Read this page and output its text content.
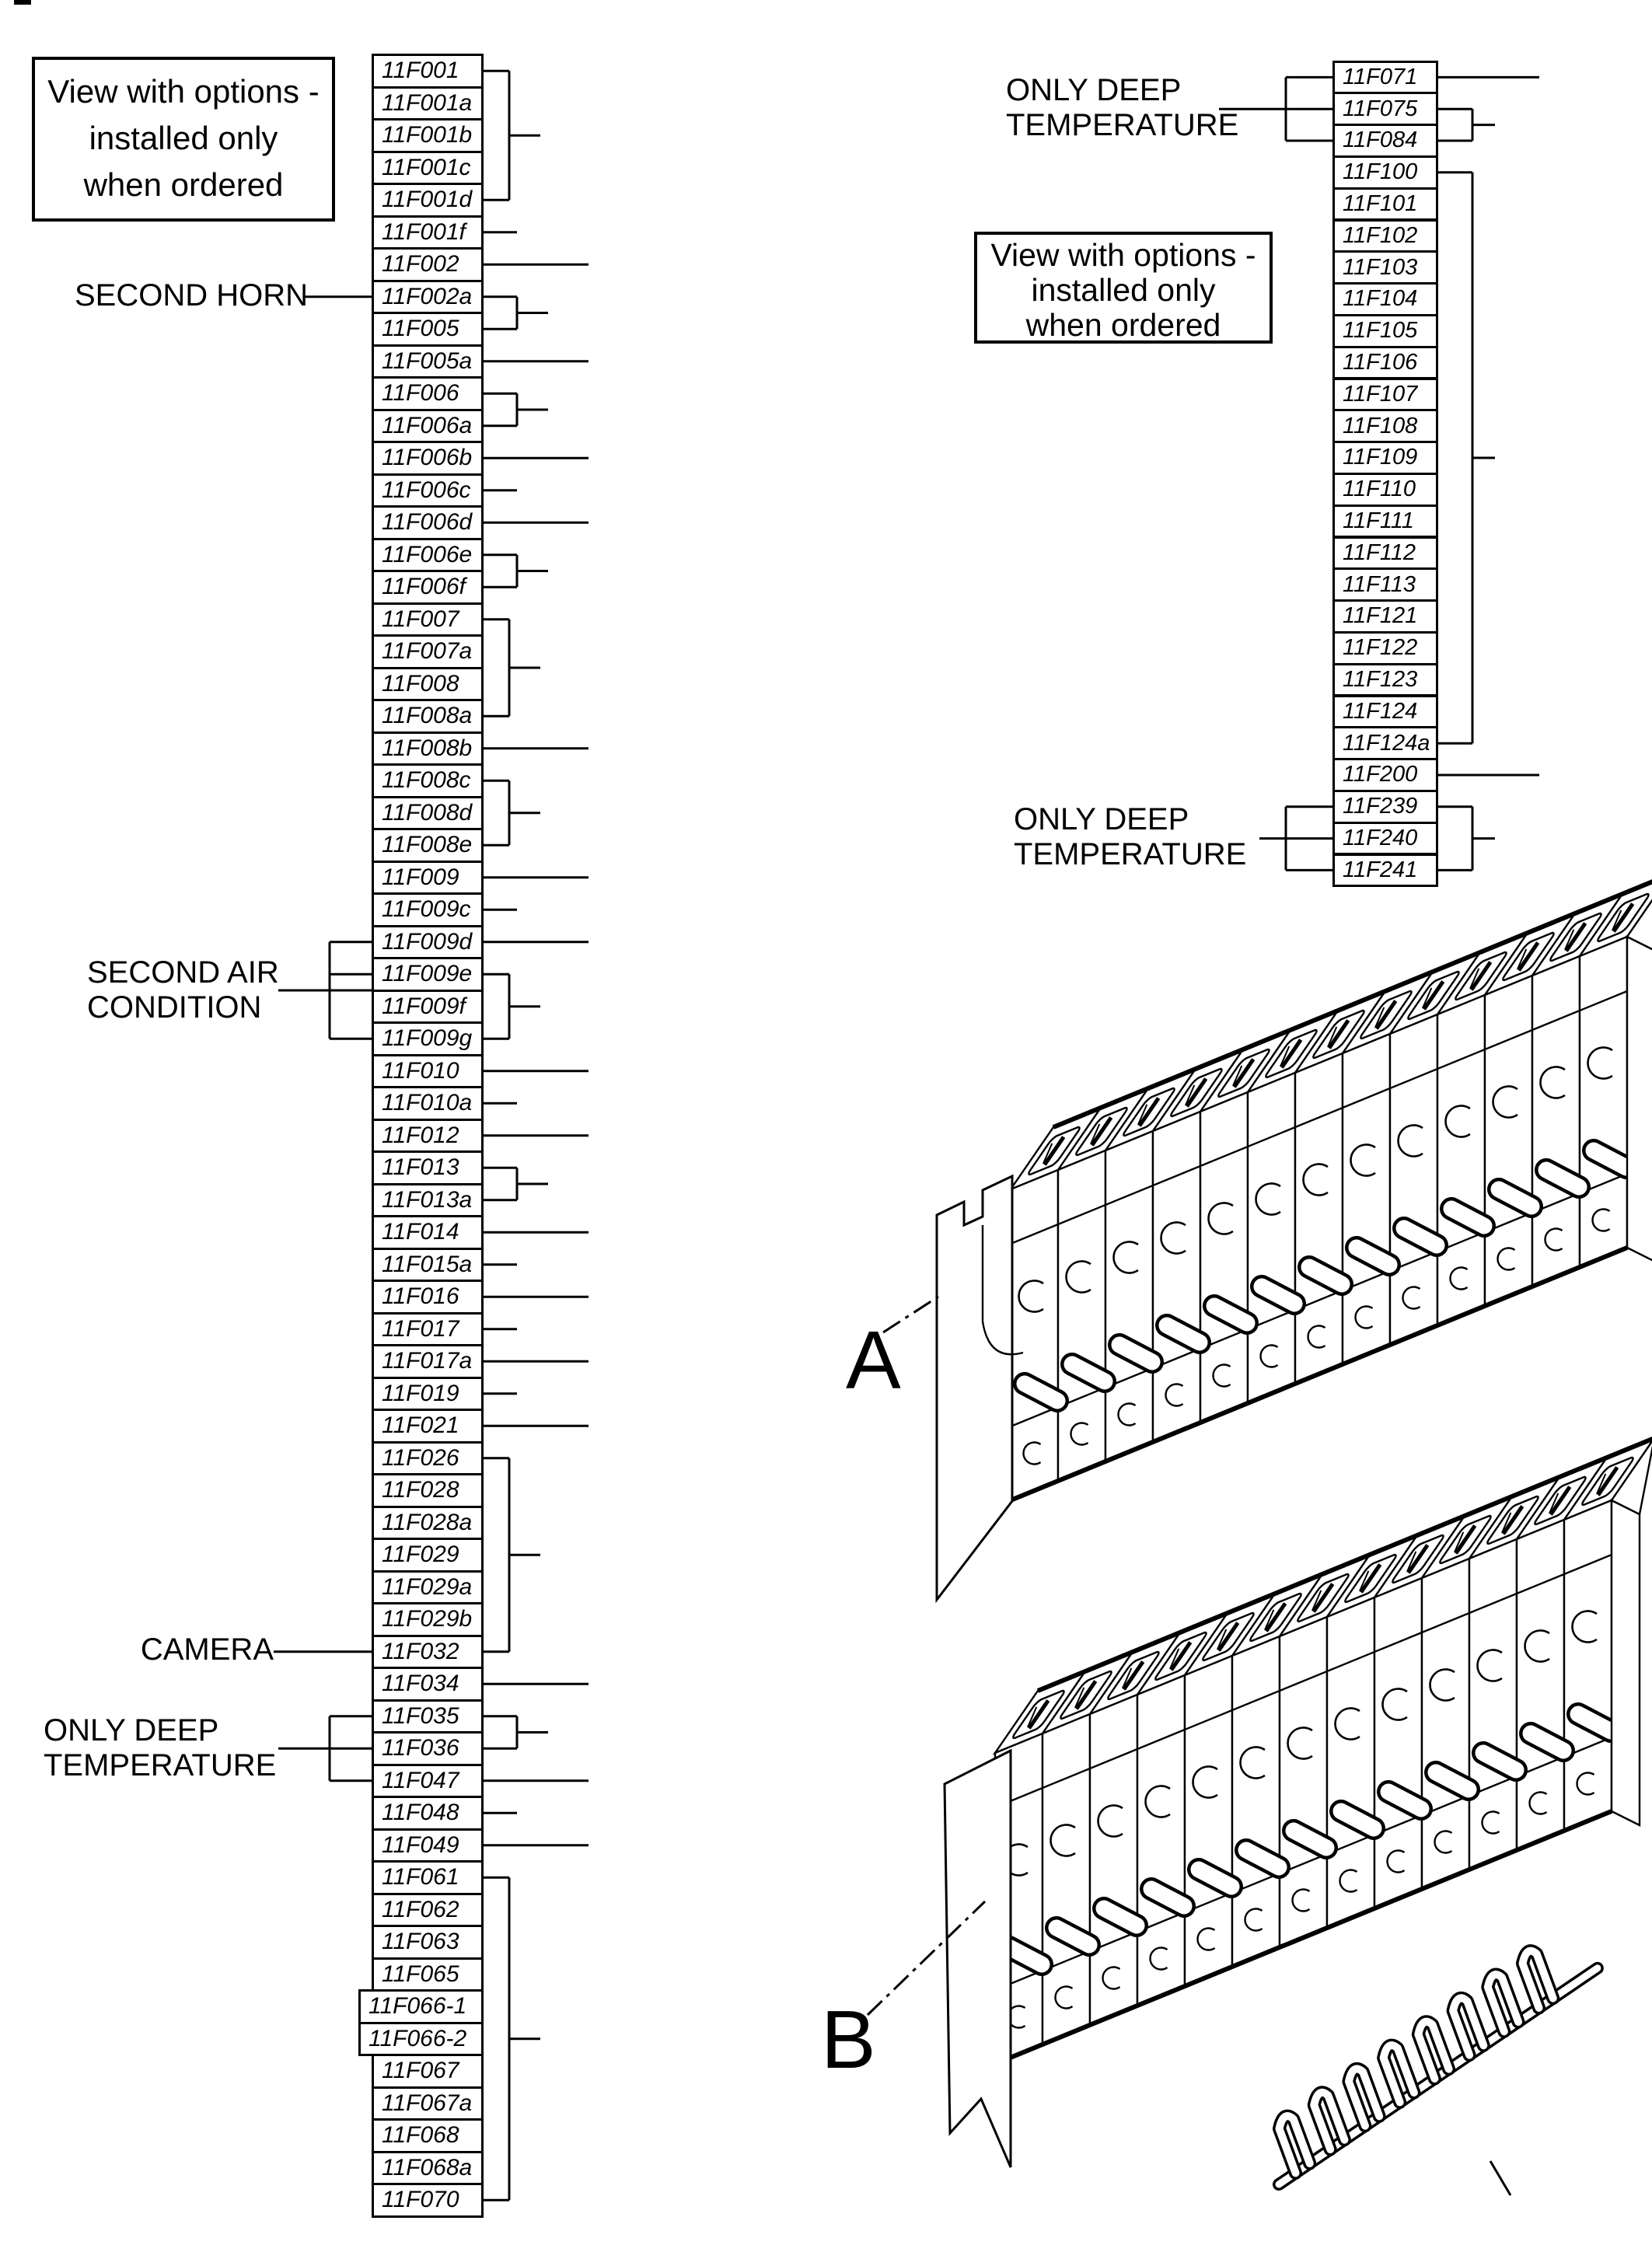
View with options -
installed only
when ordered
View with options -
installed only
when ordered
SECOND HORN
SECOND AIR
CONDITION
CAMERA
ONLY DEEP
TEMPERATURE
ONLY DEEP
TEMPERATURE
ONLY DEEP
TEMPERATURE
A
B
11F001
11F001a
11F001b
11F001c
11F001d
11F001f
11F002
11F002a
11F005
11F005a
11F006
11F006a
11F006b
11F006c
11F006d
11F006e
11F006f
11F007
11F007a
11F008
11F008a
11F008b
11F008c
11F008d
11F008e
11F009
11F009c
11F009d
11F009e
11F009f
11F009g
11F010
11F010a
11F012
11F013
11F013a
11F014
11F015a
11F016
11F017
11F017a
11F019
11F021
11F026
11F028
11F028a
11F029
11F029a
11F029b
11F032
11F034
11F035
11F036
11F047
11F048
11F049
11F061
11F062
11F063
11F065
11F066-1
11F066-2
11F067
11F067a
11F068
11F068a
11F070
11F071
11F075
11F084
11F100
11F101
11F102
11F103
11F104
11F105
11F106
11F107
11F108
11F109
11F110
11F111
11F112
11F113
11F121
11F122
11F123
11F124
11F124a
11F200
11F239
11F240
11F241
